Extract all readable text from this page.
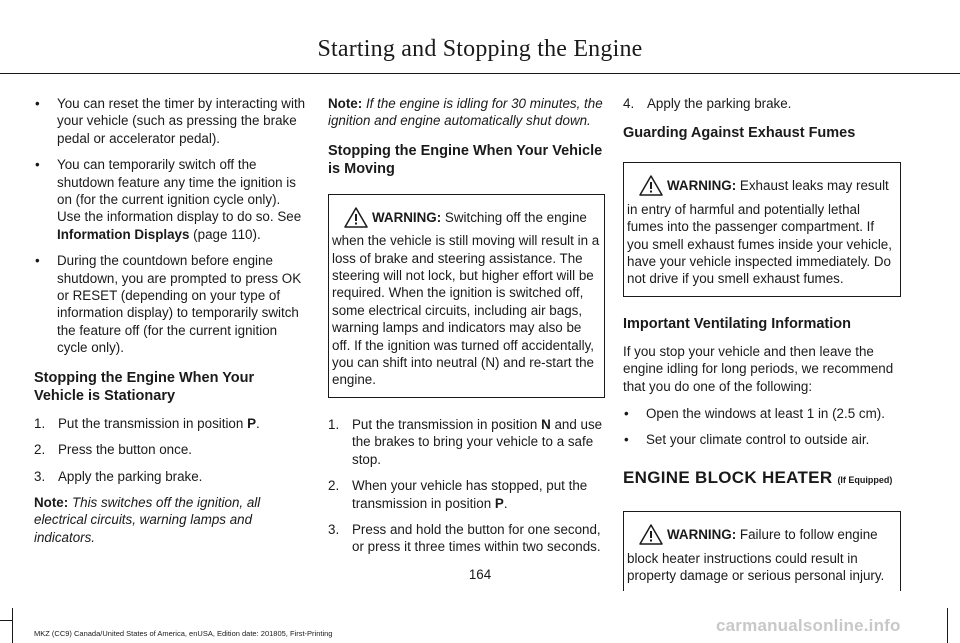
Starting and Stopping the Engine
• You can reset the timer by interacting with your vehicle (such as pressing the brake pedal or accelerator pedal).
• You can temporarily switch off the shutdown feature any time the ignition is on (for the current ignition cycle only). Use the information display to do so. See Information Displays (page 110).
• During the countdown before engine shutdown, you are prompted to press OK or RESET (depending on your type of information display) to temporarily switch the feature off (for the current ignition cycle only).
Stopping the Engine When Your Vehicle is Stationary
1. Put the transmission in position P.
2. Press the button once.
3. Apply the parking brake.

Note: This switches off the ignition, all electrical circuits, warning lamps and indicators.

Note: If the engine is idling for 30 minutes, the ignition and engine automatically shut down.

Stopping the Engine When Your Vehicle is Moving
WARNING: Switching off the engine when the vehicle is still moving will result in a loss of brake and steering assistance. The steering will not lock, but higher effort will be required. When the ignition is switched off, some electrical circuits, including air bags, warning lamps and indicators may also be off. If the ignition was turned off accidentally, you can shift into neutral (N) and re-start the engine.
1. Put the transmission in position N and use the brakes to bring your vehicle to a safe stop.
2. When your vehicle has stopped, put the transmission in position P.
3. Press and hold the button for one second, or press it three times within two seconds.
4. Apply the parking brake.
Guarding Against Exhaust Fumes
WARNING: Exhaust leaks may result in entry of harmful and potentially lethal fumes into the passenger compartment. If you smell exhaust fumes inside your vehicle, have your vehicle inspected immediately. Do not drive if you smell exhaust fumes.
Important Ventilating Information

If you stop your vehicle and then leave the engine idling for long periods, we recommend that you do one of the following:

• Open the windows at least 1 in (2.5 cm).
• Set your climate control to outside air.
ENGINE BLOCK HEATER (If Equipped)
WARNING: Failure to follow engine block heater instructions could result in property damage or serious personal injury.
164
MKZ (CC9) Canada/United States of America, enUSA, Edition date: 201805, First-Printing	carmanualsonline.info
